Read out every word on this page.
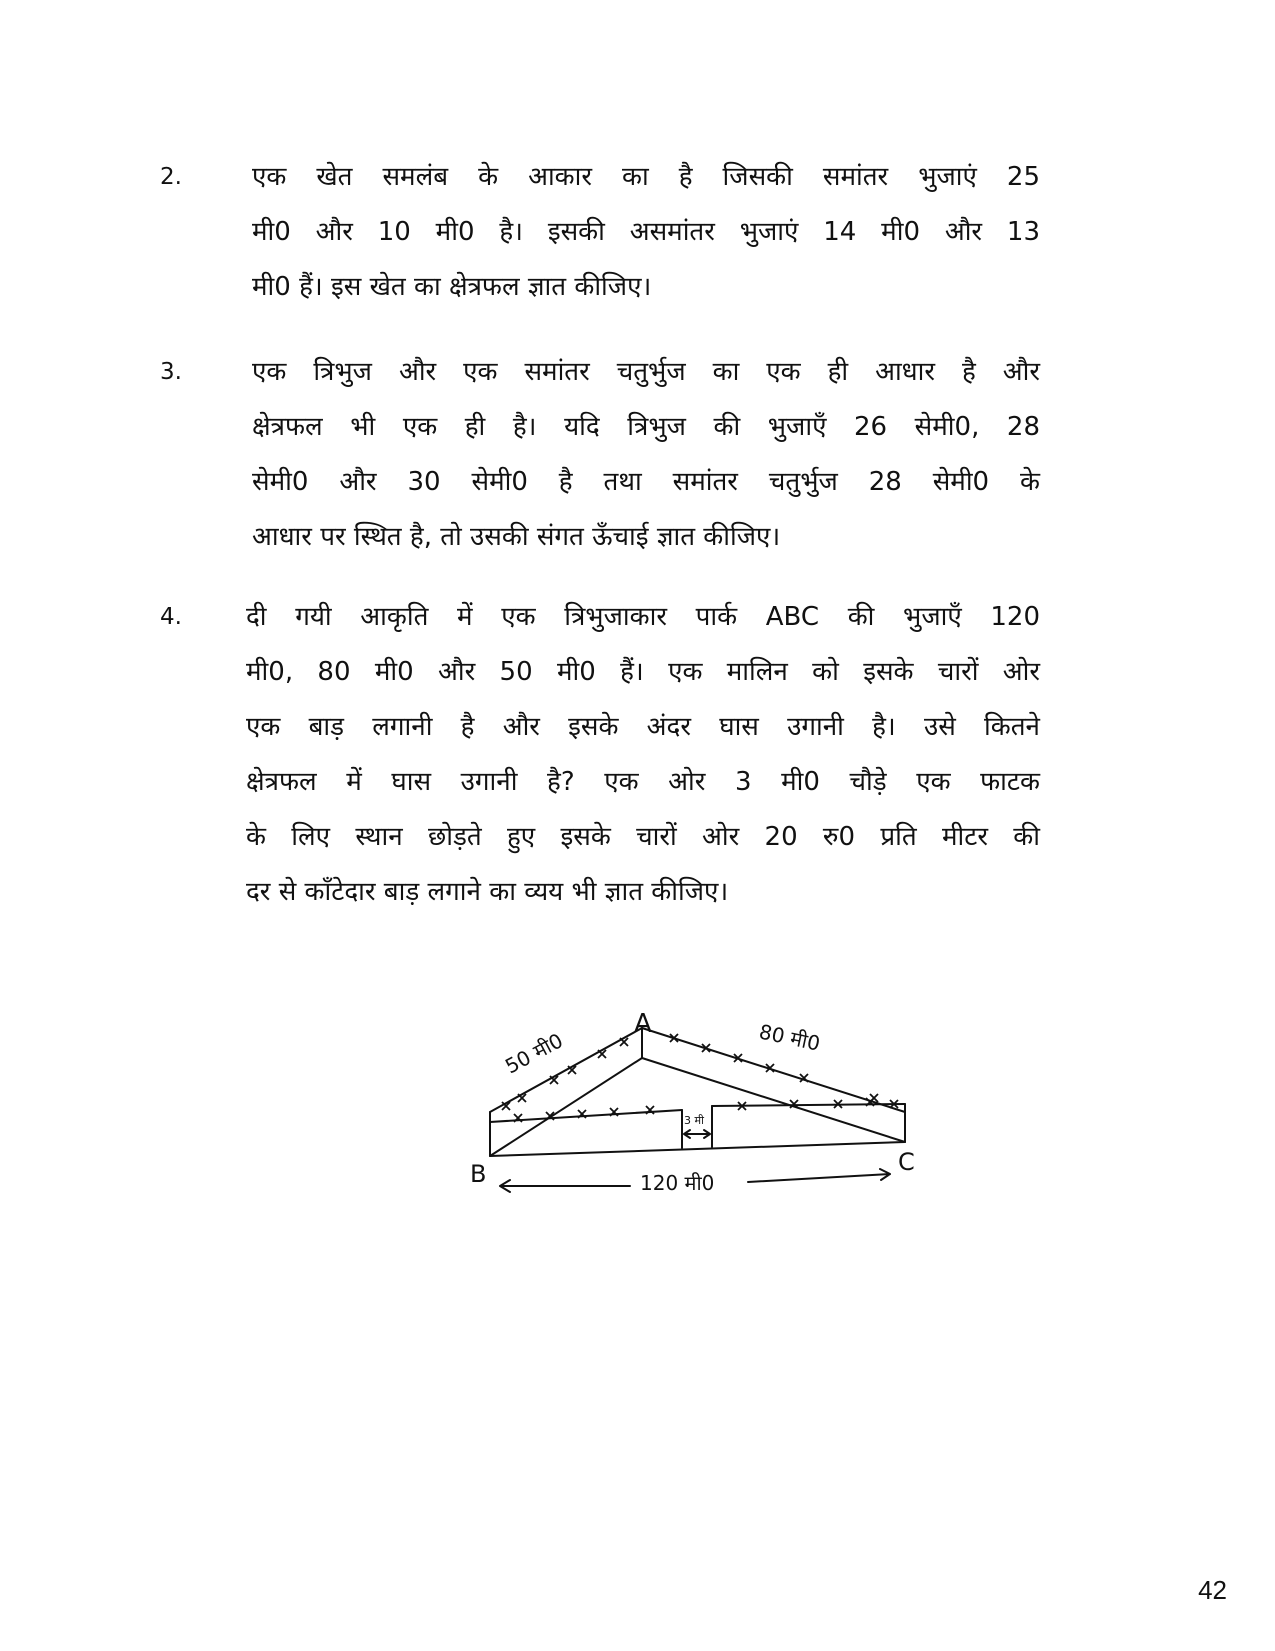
2.	एक खेत समलंब के आकार का है जिसकी समांतर भुजाएं 25
मी0 और 10 मी0 है। इसकी असमांतर भुजाएं 14 मी0 और 13
मी0 हैं। इस खेत का क्षेत्रफल ज्ञात कीजिए।
3.	एक त्रिभुज और एक समांतर चतुर्भुज का एक ही आधार है और
क्षेत्रफल भी एक ही है। यदि त्रिभुज की भुजाएँ 26 सेमी0, 28
सेमी0 और 30 सेमी0 है तथा समांतर चतुर्भुज 28 सेमी0 के
आधार पर स्थित है, तो उसकी संगत ऊँचाई ज्ञात कीजिए।
4. दी गयी आकृति में एक त्रिभुजाकार पार्क ABC की भुजाएँ 120
मी0, 80 मी0 और 50 मी0 हैं। एक मालिन को इसके चारों ओर
एक बाड़ लगानी है और इसके अंदर घास उगानी है। उसे कितने
क्षेत्रफल में घास उगानी है? एक ओर 3 मी0 चौड़े एक फाटक
के लिए स्थान छोड़ते हुए इसके चारों ओर 20 रु0 प्रति मीटर की
दर से काँटेदार बाड़ लगाने का व्यय भी ज्ञात कीजिए।
A
B	C
50 मी0	80 मी0
120 मी0
3 मी
42
